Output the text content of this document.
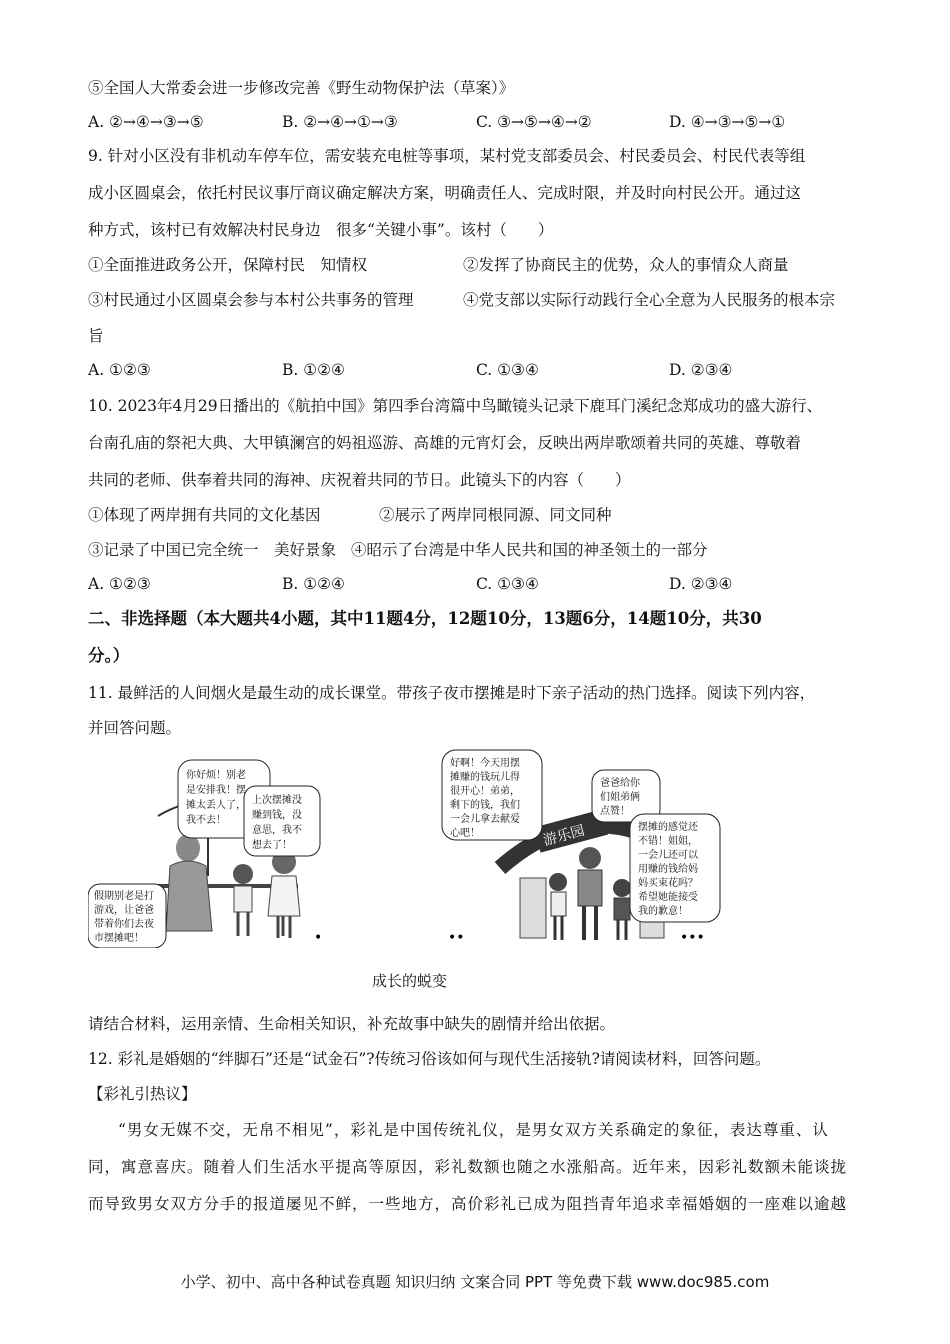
⑤全国人大常委会进一步修改完善《野生动物保护法（草案）》
A. ②→④→③→⑤	B. ②→④→①→③	C. ③→⑤→④→②	D. ④→③→⑤→①
9. 针对小区没有非机动车停车位，需安装充电桩等事项，某村党支部委员会、村民委员会、村民代表等组
成小区圆桌会，依托村民议事厅商议确定解决方案，明确责任人、完成时限，并及时向村民公开。通过这
种方式，该村已有效解决村民身边　很多“关键小事”。该村（　　）
①全面推进政务公开，保障村民　知情权	②发挥了协商民主的优势，众人的事情众人商量
③村民通过小区圆桌会参与本村公共事务的管理	④党支部以实际行动践行全心全意为人民服务的根本宗
旨
A. ①②③	B. ①②④	C. ①③④	D. ②③④
10. 2023年4月29日播出的《航拍中国》第四季台湾篇中鸟瞰镜头记录下鹿耳门溪纪念郑成功的盛大游行、
台南孔庙的祭祀大典、大甲镇澜宫的妈祖巡游、高雄的元宵灯会，反映出两岸歌颂着共同的英雄、尊敬着
共同的老师、供奉着共同的海神、庆祝着共同的节日。此镜头下的内容（　　）
①体现了两岸拥有共同的文化基因	②展示了两岸同根同源、同文同种
③记录了中国已完全统一　美好景象 ④昭示了台湾是中华人民共和国的神圣领土的一部分
A. ①②③	B. ①②④	C. ①③④	D. ②③④
二、非选择题（本大题共4小题，其中11题4分，12题10分，13题6分，14题10分，共30
分。）
11. 最鲜活的人间烟火是最生动的成长课堂。带孩子夜市摆摊是时下亲子活动的热门选择。阅读下列内容，
并回答问题。
你好烦！别老 是安排我！摆 摊太丢人了， 我不去！
上次摆摊没 赚到钱，没 意思，我不 想去了！
假期别老是打 游戏，让爸爸 带着你们去夜 市摆摊吧！	•
游乐园
好啊！今天用摆 摊赚的钱玩儿得 很开心！弟弟， 剩下的钱，我们 一会儿拿去献爱 心吧！
爸爸给你 们姐弟俩 点赞！
摆摊的感觉还 不错！姐姐， 一会儿还可以 用赚的钱给妈 妈买束花吗？ 希望她能接受 我的歉意！
••	•••
成长的蜕变
请结合材料，运用亲情、生命相关知识，补充故事中缺失的剧情并给出依据。
12. 彩礼是婚姻的“绊脚石”还是“试金石”?传统习俗该如何与现代生活接轨?请阅读材料，回答问题。
【彩礼引热议】
“男女无媒不交，无帛不相见”，彩礼是中国传统礼仪，是男女双方关系确定的象征，表达尊重、认
同，寓意喜庆。随着人们生活水平提高等原因，彩礼数额也随之水涨船高。近年来，因彩礼数额未能谈拢
而导致男女双方分手的报道屡见不鲜，一些地方，高价彩礼已成为阻挡青年追求幸福婚姻的一座难以逾越
小学、初中、高中各种试卷真题 知识归纳 文案合同 PPT 等免费下载 www.doc985.com
